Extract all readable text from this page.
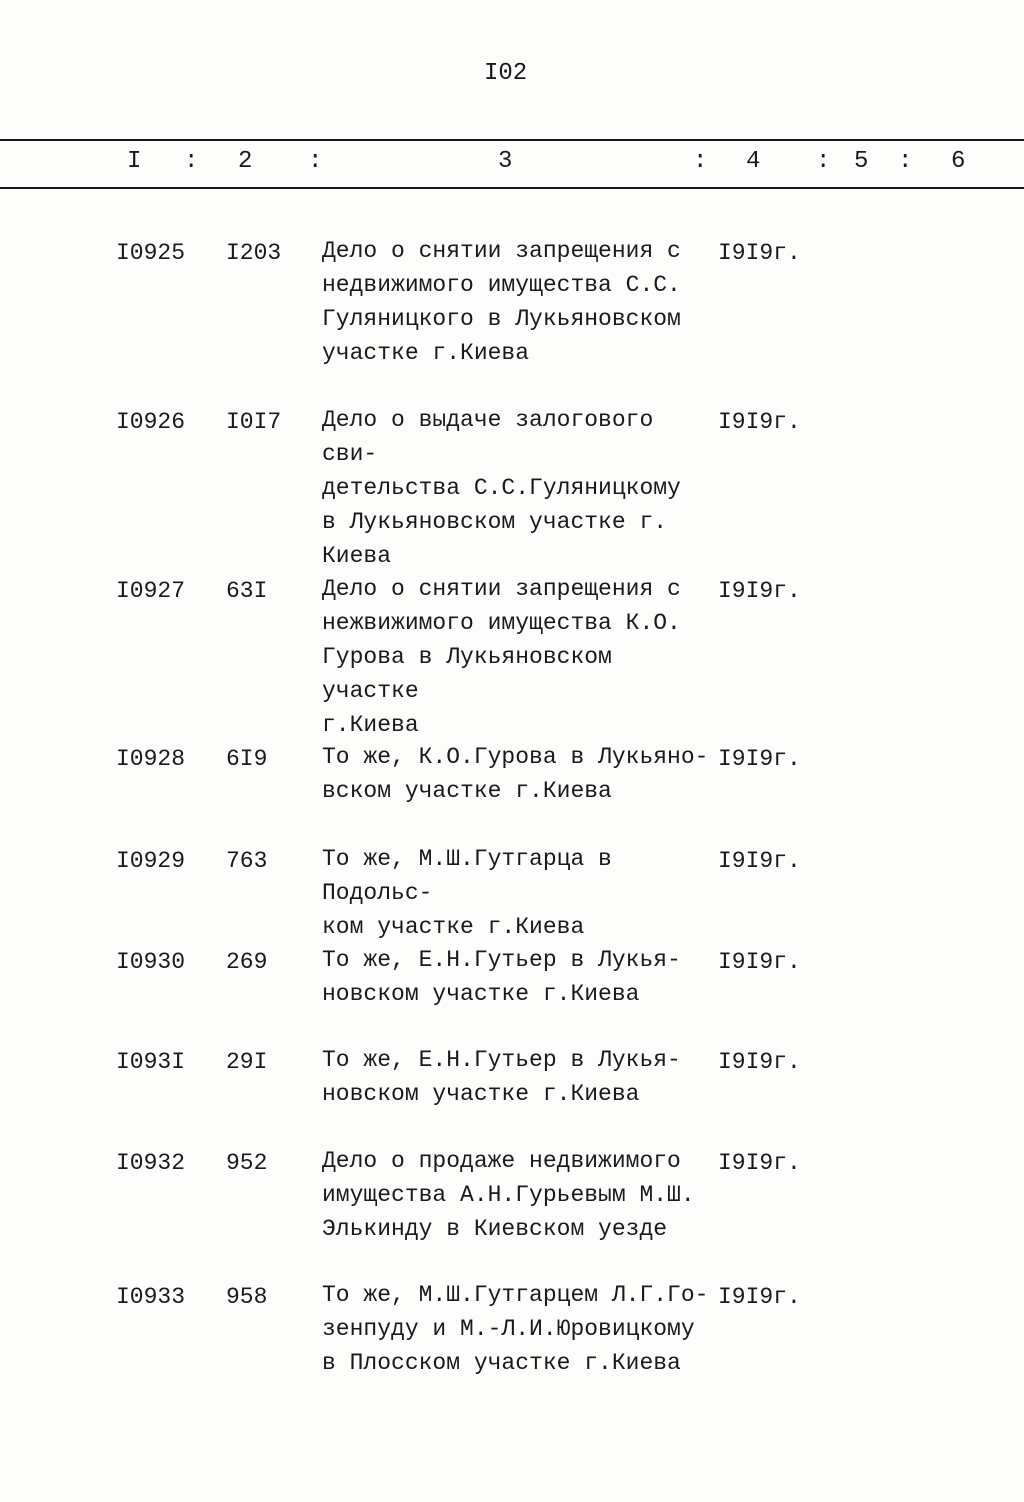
I02
I : 2 :	3	: 4 : 5 : 6
I0925 I203 Дело о снятии запрещения с
недвижимого имущества С.С.
Гуляницкого в Лукьяновском
участке г.Киева
I9I9г.
I0926 I0I7 Дело о выдаче залогового сви-
детельства С.С.Гуляницкому
в Лукьяновском участке г.
Киева
I9I9г.
I0927 63I Дело о снятии запрещения с
нежвижимого имущества К.О.
Гурова в Лукьяновском участке
г.Киева
I9I9г.
I0928 6I9 То же, К.О.Гурова в Лукьяно-
вском участке г.Киева
I9I9г.
I0929 763 То же, М.Ш.Гутгарца в Подольс-
ком участке г.Киева
I9I9г.
I0930 269 То же, Е.Н.Гутьер в Лукья-
новском участке г.Киева
I9I9г.
I093I 29I То же, Е.Н.Гутьер в Лукья-
новском участке г.Киева
I9I9г.
I0932 952 Дело о продаже недвижимого
имущества А.Н.Гурьевым М.Ш.
Элькинду в Киевском уезде
I9I9г.
I0933 958 То же, М.Ш.Гутгарцем Л.Г.Го-
зенпуду и М.-Л.И.Юровицкому
в Плосском участке г.Киева
I9I9г.
